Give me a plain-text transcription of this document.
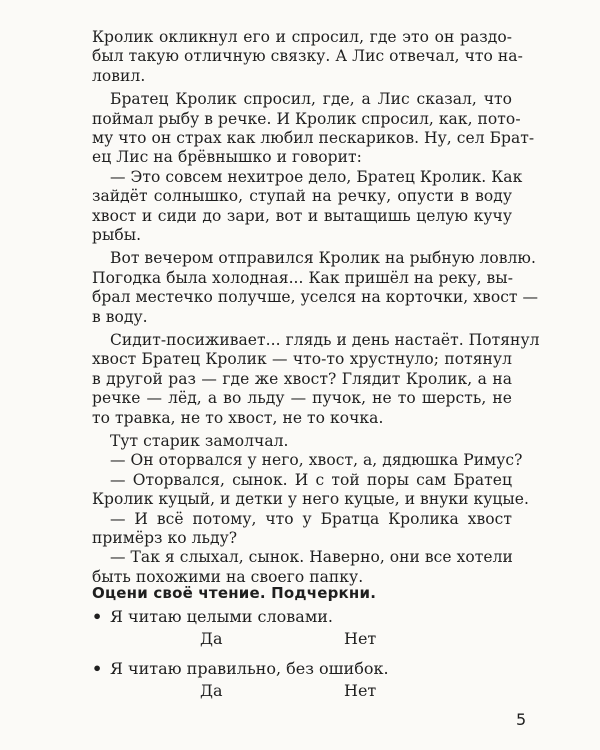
Кролик окликнул его и спросил, где это он раздо-
был такую отличную связку. А Лис отвечал, что на-
ловил.
Братец Кролик спросил, где, а Лис сказал, что
поймал рыбу в речке. И Кролик спросил, как, пото-
му что он страх как любил пескариков. Ну, сел Брат-
ец Лис на брёвнышко и говорит:
— Это совсем нехитрое дело, Братец Кролик. Как
зайдёт солнышко, ступай на речку, опусти в воду
хвост и сиди до зари, вот и вытащишь целую кучу
рыбы.
Вот вечером отправился Кролик на рыбную ловлю.
Погодка была холодная... Как пришёл на реку, вы-
брал местечко получше, уселся на корточки, хвост —
в воду.
Сидит-посиживает... глядь и день настаёт. Потянул
хвост Братец Кролик — что-то хрустнуло; потянул
в другой раз — где же хвост? Глядит Кролик, а на
речке — лёд, а во льду — пучок, не то шерсть, не
то травка, не то хвост, не то кочка.
Тут старик замолчал.
— Он оторвался у него, хвост, а, дядюшка Римус?
— Оторвался, сынок. И с той поры сам Братец
Кролик куцый, и детки у него куцые, и внуки куцые.
— И всё потому, что у Братца Кролика хвост
примёрз ко льду?
— Так я слыхал, сынок. Наверно, они все хотели
быть похожими на своего папку.
Оцени своё чтение. Подчеркни.
• Я читаю целыми словами.
Да	Нет
• Я читаю правильно, без ошибок.
Да	Нет
5
